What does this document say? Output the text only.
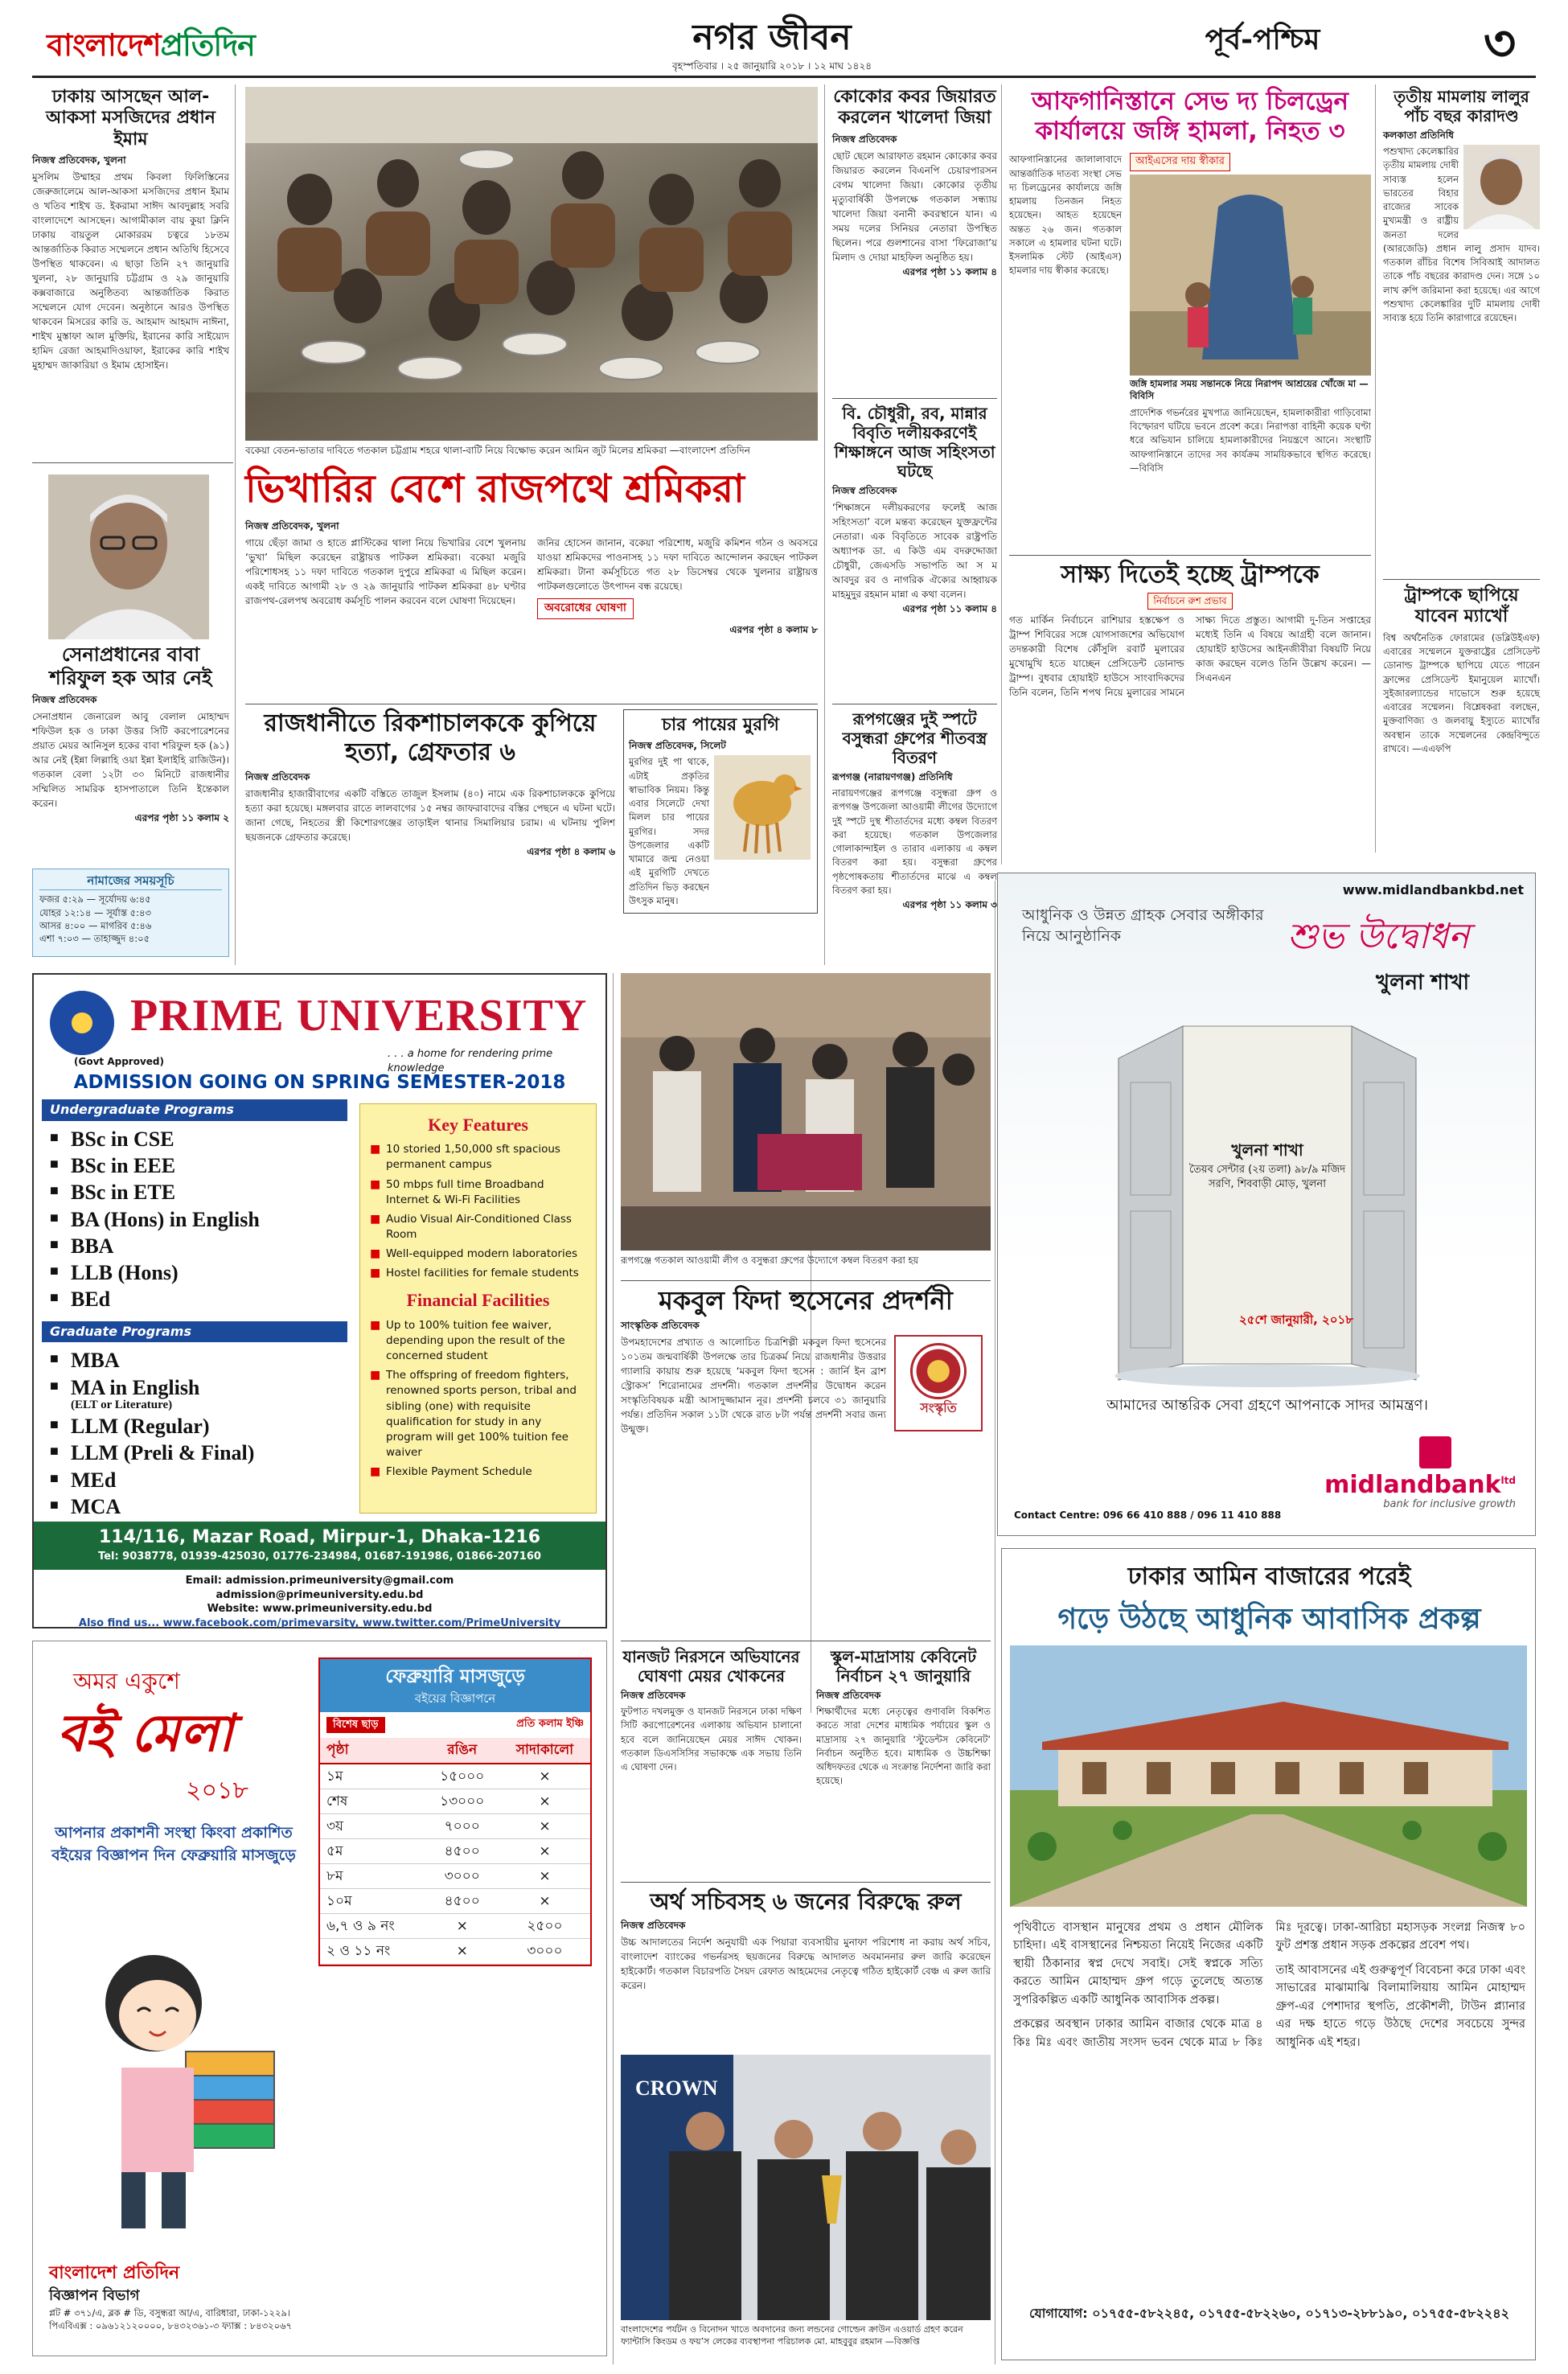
বাংলাদেশপ্রতিদিন	নগর জীবন
বৃহস্পতিবার । ২৫ জানুয়ারি ২০১৮ । ১২ মাঘ ১৪২৪
পূর্ব-পশ্চিম	৩
ঢাকায় আসছেন আল-আকসা মসজিদের প্রধান ইমাম
নিজস্ব প্রতিবেদক, খুলনা
মুসলিম উম্মাহর প্রথম কিবলা ফিলিস্তিনের জেরুজালেমে আল-আকসা মসজিদের প্রধান ইমাম ও খতিব শাইখ ড. ইকরামা সাঈদ আবদুল্লাহ সবরি বাংলাদেশে আসছেন। আগামীকাল বায় কুয়া ক্লিনি ঢাকায় বায়তুল মোকাররম চত্বরে ১৮তম আন্তর্জাতিক কিরাত সম্মেলনে প্রধান অতিথি হিসেবে উপস্থিত থাকবেন। এ ছাড়া তিনি ২৭ জানুয়ারি খুলনা, ২৮ জানুয়ারি চট্টগ্রাম ও ২৯ জানুয়ারি কক্সবাজারে অনুষ্ঠিতব্য আন্তর্জাতিক কিরাত সম্মেলনে যোগ দেবেন। অনুষ্ঠানে আরও উপস্থিত থাকবেন মিসরের কারি ড. আহমাদ আহমাদ নাঈনা, শাইখ মুস্তাফা আল মুক্তিয়ি, ইরানের কারি সাইয়্যেদ হামিদ রেজা আহমাদিওয়াফা, ইরাকের কারি শাইখ মুহাম্মদ জাকারিয়া ও ইমাম হোসাইন।
বকেয়া বেতন-ভাতার দাবিতে গতকাল চট্টগ্রাম শহরে থালা-বাটি নিয়ে বিক্ষোভ করেন আমিন জুট মিলের শ্রমিকরা —বাংলাদেশ প্রতিদিন
ভিখারির বেশে রাজপথে শ্রমিকরা
নিজস্ব প্রতিবেদক, খুলনা
গায়ে ছেঁড়া জামা ও হাতে প্লাস্টিকের থালা নিয়ে ভিখারির বেশে খুলনায় ‘ভুখা’ মিছিল করেছেন রাষ্ট্রায়ত্ত পাটকল শ্রমিকরা। বকেয়া মজুরি পরিশোধসহ ১১ দফা দাবিতে গতকাল দুপুরে শ্রমিকরা এ মিছিল করেন। একই দাবিতে আগামী ২৮ ও ২৯ জানুয়ারি পাটকল শ্রমিকরা ৪৮ ঘণ্টার রাজপথ-রেলপথ অবরোধ কর্মসূচি পালন করবেন বলে ঘোষণা দিয়েছেন।
জনির হোসেন জানান, বকেয়া পরিশোধ, মজুরি কমিশন গঠন ও অবসরে যাওয়া শ্রমিকদের পাওনাসহ ১১ দফা দাবিতে আন্দোলন করছেন পাটকল শ্রমিকরা। টানা কর্মসূচিতে গত ২৮ ডিসেম্বর থেকে খুলনার রাষ্ট্রায়ত্ত পাটকলগুলোতে উৎপাদন বন্ধ রয়েছে।
অবরোধের ঘোষণা
এরপর পৃষ্ঠা ৪ কলাম ৮
সেনাপ্রধানের বাবা শরিফুল হক আর নেই
নিজস্ব প্রতিবেদক
সেনাপ্রধান জেনারেল আবু বেলাল মোহাম্মদ শফিউল হক ও ঢাকা উত্তর সিটি করপোরেশনের প্রয়াত মেয়র আনিসুল হকের বাবা শরিফুল হক (৯১) আর নেই (ইন্না লিল্লাহি ওয়া ইন্না ইলাইহি রাজিউন)। গতকাল বেলা ১২টা ৩০ মিনিটে রাজধানীর সম্মিলিত সামরিক হাসপাতালে তিনি ইন্তেকাল করেন।
এরপর পৃষ্ঠা ১১ কলাম ২
নামাজের সময়সূচি
ফজর ৫:২৯ — সূর্যোদয় ৬:৪৫
যোহর ১২:১৪ — সূর্যাস্ত ৫:৪৩
আসর ৪:০০ — মাগরিব ৫:৪৬
এশা ৭:০৩ — তাহাজ্জুদ ৪:০৫
রাজধানীতে রিকশাচালককে কুপিয়ে হত্যা, গ্রেফতার ৬
নিজস্ব প্রতিবেদক
রাজধানীর হাজারীবাগের একটি বস্তিতে তাজুল ইসলাম (৪০) নামে এক রিকশাচালককে কুপিয়ে হত্যা করা হয়েছে। মঙ্গলবার রাতে লালবাগের ১৫ নম্বর জাফরাবাদের বস্তির পেছনে এ ঘটনা ঘটে। জানা গেছে, নিহতের স্ত্রী কিশোরগঞ্জের তাড়াইল থানার সিমালিয়ার চরাম। এ ঘটনায় পুলিশ ছয়জনকে গ্রেফতার করেছে।
এরপর পৃষ্ঠা ৪ কলাম ৬
চার পায়ের মুরগি
নিজস্ব প্রতিবেদক, সিলেট
মুরগির দুই পা থাকে, এটাই প্রকৃতির স্বাভাবিক নিয়ম। কিন্তু এবার সিলেটে দেখা মিলল চার পায়ের মুরগির। সদর উপজেলার একটি খামারে জন্ম নেওয়া এই মুরগিটি দেখতে প্রতিদিন ভিড় করছেন উৎসুক মানুষ।
কোকোর কবর জিয়ারত করলেন খালেদা জিয়া
নিজস্ব প্রতিবেদক
ছোট ছেলে আরাফাত রহমান কোকোর কবর জিয়ারত করলেন বিএনপি চেয়ারপারসন বেগম খালেদা জিয়া। কোকোর তৃতীয় মৃত্যুবার্ষিকী উপলক্ষে গতকাল সন্ধ্যায় খালেদা জিয়া বনানী কবরস্থানে যান। এ সময় দলের সিনিয়র নেতারা উপস্থিত ছিলেন। পরে গুলশানের বাসা ‘ফিরোজা’য় মিলাদ ও দোয়া মাহফিল অনুষ্ঠিত হয়।
এরপর পৃষ্ঠা ১১ কলাম ৪
বি. চৌধুরী, রব, মান্নার বিবৃতি দলীয়করণেই শিক্ষাঙ্গনে আজ সহিংসতা ঘটছে
নিজস্ব প্রতিবেদক
‘শিক্ষাঙ্গনে দলীয়করণের ফলেই আজ সহিংসতা’ বলে মন্তব্য করেছেন যুক্তফ্রন্টের নেতারা। এক বিবৃতিতে সাবেক রাষ্ট্রপতি অধ্যাপক ডা. এ কিউ এম বদরুদ্দোজা চৌধুরী, জেএসডি সভাপতি আ স ম আবদুর রব ও নাগরিক ঐক্যের আহ্বায়ক মাহমুদুর রহমান মান্না এ কথা বলেন।
এরপর পৃষ্ঠা ১১ কলাম ৪
রূপগঞ্জের দুই স্পটে বসুন্ধরা গ্রুপের শীতবস্ত্র বিতরণ
রূপগঞ্জ (নারায়ণগঞ্জ) প্রতিনিধি
নারায়ণগঞ্জের রূপগঞ্জে বসুন্ধরা গ্রুপ ও রূপগঞ্জ উপজেলা আওয়ামী লীগের উদ্যোগে দুই স্পটে দুস্থ শীতার্তদের মধ্যে কম্বল বিতরণ করা হয়েছে। গতকাল উপজেলার গোলাকান্দাইল ও তারাব এলাকায় এ কম্বল বিতরণ করা হয়। বসুন্ধরা গ্রুপের পৃষ্ঠপোষকতায় শীতার্তদের মাঝে এ কম্বল বিতরণ করা হয়।
এরপর পৃষ্ঠা ১১ কলাম ৩
আফগানিস্তানে সেভ দ্য চিলড্রেন কার্যালয়ে জঙ্গি হামলা, নিহত ৩
আফগানিস্তানের জালালাবাদে আন্তর্জাতিক দাতব্য সংস্থা সেভ দ্য চিলড্রেনের কার্যালয়ে জঙ্গি হামলায় তিনজন নিহত হয়েছেন। আহত হয়েছেন অন্তত ২৬ জন। গতকাল সকালে এ হামলার ঘটনা ঘটে। ইসলামিক স্টেট (আইএস) হামলার দায় স্বীকার করেছে।
আইএসের দায় স্বীকার
জঙ্গি হামলার সময় সন্তানকে নিয়ে নিরাপদ আশ্রয়ের খোঁজে মা —বিবিসি
প্রাদেশিক গভর্নরের মুখপাত্র জানিয়েছেন, হামলাকারীরা গাড়িবোমা বিস্ফোরণ ঘটিয়ে ভবনে প্রবেশ করে। নিরাপত্তা বাহিনী কয়েক ঘণ্টা ধরে অভিযান চালিয়ে হামলাকারীদের নিয়ন্ত্রণে আনে। সংস্থাটি আফগানিস্তানে তাদের সব কার্যক্রম সাময়িকভাবে স্থগিত করেছে। —বিবিসি
সাক্ষ্য দিতেই হচ্ছে ট্রাম্পকে
নির্বাচনে রুশ প্রভাব
গত মার্কিন নির্বাচনে রাশিয়ার হস্তক্ষেপ ও ট্রাম্প শিবিরের সঙ্গে যোগসাজশের অভিযোগ তদন্তকারী বিশেষ কৌঁসুলি রবার্ট মুলারের মুখোমুখি হতে যাচ্ছেন প্রেসিডেন্ট ডোনাল্ড ট্রাম্প। বুধবার হোয়াইট হাউসে সাংবাদিকদের তিনি বলেন, তিনি শপথ নিয়ে মুলারের সামনে সাক্ষ্য দিতে প্রস্তুত। আগামী দু-তিন সপ্তাহের মধ্যেই তিনি এ বিষয়ে আগ্রহী বলে জানান। হোয়াইট হাউসের আইনজীবীরা বিষয়টি নিয়ে কাজ করছেন বলেও তিনি উল্লেখ করেন। —সিএনএন
তৃতীয় মামলায় লালুর পাঁচ বছর কারাদণ্ড
কলকাতা প্রতিনিধি
পশুখাদ্য কেলেঙ্কারির তৃতীয় মামলায় দোষী সাব্যস্ত হলেন ভারতের বিহার রাজ্যের সাবেক মুখ্যমন্ত্রী ও রাষ্ট্রীয় জনতা দলের (আরজেডি) প্রধান লালু প্রসাদ যাদব। গতকাল রাঁচির বিশেষ সিবিআই আদালত তাকে পাঁচ বছরের কারাদণ্ড দেন। সঙ্গে ১০ লাখ রুপি জরিমানা করা হয়েছে। এর আগে পশুখাদ্য কেলেঙ্কারির দুটি মামলায় দোষী সাব্যস্ত হয়ে তিনি কারাগারে রয়েছেন।
ট্রাম্পকে ছাপিয়ে যাবেন ম্যাখোঁ
বিশ্ব অর্থনৈতিক ফোরামের (ডব্লিউইএফ) এবারের সম্মেলনে যুক্তরাষ্ট্রের প্রেসিডেন্ট ডোনাল্ড ট্রাম্পকে ছাপিয়ে যেতে পারেন ফ্রান্সের প্রেসিডেন্ট ইমানুয়েল ম্যাখোঁ। সুইজারল্যান্ডের দাভোসে শুরু হয়েছে এবারের সম্মেলন। বিশ্লেষকরা বলছেন, মুক্তবাণিজ্য ও জলবায়ু ইস্যুতে ম্যাখোঁর অবস্থান তাকে সম্মেলনের কেন্দ্রবিন্দুতে রাখবে। —এএফপি
www.midlandbankbd.net
আধুনিক ও উন্নত গ্রাহক সেবার অঙ্গীকার নিয়ে আনুষ্ঠানিক	শুভ উদ্বোধন
খুলনা শাখা
খুলনা শাখা
তৈয়ব সেন্টার (২য় তলা) ৯৮/৯ মজিদ সরণি, শিববাড়ী মোড়, খুলনা
২৫শে জানুয়ারী, ২০১৮
আমাদের আন্তরিক সেবা গ্রহণে আপনাকে সাদর আমন্ত্রণ।
midlandbank$^{ltd}$
bank for inclusive growth
Contact Centre: 096 66 410 888 / 096 11 410 888
PRIME UNIVERSITY
(Govt Approved)
. . . a home for rendering prime knowledge
ADMISSION GOING ON SPRING SEMESTER-2018
Undergraduate Programs
■ BSc in CSE
■ BSc in EEE
■ BSc in ETE
■ BA (Hons) in English
■ BBA
■ LLB (Hons)
■ BEd
Graduate Programs
■ MBA
■ MA in English
(ELT or Literature)
■ LLM (Regular)
■ LLM (Preli & Final)
■ MEd
■ MCA
Key Features
■ 10 storied 1,50,000 sft spacious permanent campus
■ 50 mbps full time Broadband Internet & Wi-Fi Facilities
■ Audio Visual Air-Conditioned Class Room
■ Well-equipped modern laboratories
■ Hostel facilities for female students
Financial Facilities
■ Up to 100% tuition fee waiver, depending upon the result of the concerned student
■ The offspring of freedom fighters, renowned sports person, tribal and sibling (one) with requisite qualification for study in any program will get 100% tuition fee waiver
■ Flexible Payment Schedule
114/116, Mazar Road, Mirpur-1, Dhaka-1216
Tel: 9038778, 01939-425030, 01776-234984, 01687-191986, 01866-207160
Email: admission.primeuniversity@gmail.com
admission@primeuniversity.edu.bd
Website: www.primeuniversity.edu.bd
Also find us... www.facebook.com/primevarsity, www.twitter.com/PrimeUniversity
রূপগঞ্জে গতকাল আওয়ামী লীগ ও বসুন্ধরা গ্রুপের উদ্যোগে কম্বল বিতরণ করা হয়
মকবুল ফিদা হুসেনের প্রদর্শনী
সাংস্কৃতিক প্রতিবেদক
উপমহাদেশের প্রখ্যাত ও আলোচিত চিত্রশিল্পী মকবুল ফিদা হুসেনের ১০১তম জন্মবার্ষিকী উপলক্ষে তার চিত্রকর্ম নিয়ে রাজধানীর উত্তরার গ্যালারি কায়ায় শুরু হয়েছে ‘মকবুল ফিদা হুসেন : জার্নি ইন ব্রাশ স্ট্রোকস’ শিরোনামের প্রদর্শনী। গতকাল প্রদর্শনীর উদ্বোধন করেন সংস্কৃতিবিষয়ক মন্ত্রী আসাদুজ্জামান নূর। প্রদর্শনী চলবে ৩১ জানুয়ারি পর্যন্ত। প্রতিদিন সকাল ১১টা থেকে রাত ৮টা পর্যন্ত প্রদর্শনী সবার জন্য উন্মুক্ত।
সংস্কৃতি
যানজট নিরসনে অভিযানের ঘোষণা মেয়র খোকনের
নিজস্ব প্রতিবেদক
ফুটপাত দখলমুক্ত ও যানজট নিরসনে ঢাকা দক্ষিণ সিটি করপোরেশনের এলাকায় অভিযান চালানো হবে বলে জানিয়েছেন মেয়র সাঈদ খোকন। গতকাল ডিএসসিসির সভাকক্ষে এক সভায় তিনি এ ঘোষণা দেন।
স্কুল-মাদ্রাসায় কেবিনেট নির্বাচন ২৭ জানুয়ারি
নিজস্ব প্রতিবেদক
শিক্ষার্থীদের মধ্যে নেতৃত্বের গুণাবলি বিকশিত করতে সারা দেশের মাধ্যমিক পর্যায়ের স্কুল ও মাদ্রাসায় ২৭ জানুয়ারি ‘স্টুডেন্টস কেবিনেট’ নির্বাচন অনুষ্ঠিত হবে। মাধ্যমিক ও উচ্চশিক্ষা অধিদফতর থেকে এ সংক্রান্ত নির্দেশনা জারি করা হয়েছে।
অর্থ সচিবসহ ৬ জনের বিরুদ্ধে রুল
নিজস্ব প্রতিবেদক
উচ্চ আদালতের নির্দেশ অনুযায়ী এক পিয়ারা ব্যবসায়ীর মুনাফা পরিশোধ না করায় অর্থ সচিব, বাংলাদেশ ব্যাংকের গভর্নরসহ ছয়জনের বিরুদ্ধে আদালত অবমাননার রুল জারি করেছেন হাইকোর্ট। গতকাল বিচারপতি সৈয়দ রেফাত আহমেদের নেতৃত্বে গঠিত হাইকোর্ট বেঞ্চ এ রুল জারি করেন।
CROWN
বাংলাদেশের পর্যটন ও বিনোদন খাতে অবদানের জন্য লন্ডনের গোল্ডেন ক্রাউন এওয়ার্ড গ্রহণ করেন ফ্যান্টাসি কিংডম ও ফয়’স লেকের ব্যবস্থাপনা পরিচালক মো. মাহবুবুর রহমান —বিজ্ঞপ্তি
অমর একুশে
বই মেলা
২০১৮
আপনার প্রকাশনী সংস্থা কিংবা প্রকাশিত বইয়ের বিজ্ঞাপন দিন ফেব্রুয়ারি মাসজুড়ে
ফেব্রুয়ারি মাসজুড়ে
বইয়ের বিজ্ঞাপনে
বিশেষ ছাড়	প্রতি কলাম ইঞ্চি
পৃষ্ঠা	রঙিন	সাদাকালো
১ম	১৫০০০	×
শেষ	১৩০০০	×
৩য়	৭০০০	×
৫ম	৪৫০০	×
৮ম	৩০০০	×
১০ম	৪৫০০	×
৬,৭ ও ৯ নং	×	২৫০০
২ ও ১১ নং	×	৩০০০
বাংলাদেশ প্রতিদিন
বিজ্ঞাপন বিভাগ
প্লট # ৩৭১/এ, ব্লক # ডি, বসুন্ধরা আ/এ, বারিধারা, ঢাকা-১২২৯।
পিএবিএক্স : ০৯৬১২১২০০০০, ৮৪৩২৩৬১-৩ ফ্যাক্স : ৮৪৩২০৬৭
ঢাকার আমিন বাজারের পরেই
গড়ে উঠছে আধুনিক আবাসিক প্রকল্প

পৃথিবীতে বাসস্থান মানুষের প্রথম ও প্রধান মৌলিক চাহিদা। এই বাসস্থানের নিশ্চয়তা নিয়েই নিজের একটি স্থায়ী ঠিকানার স্বপ্ন দেখে সবাই। সেই স্বপ্নকে সত্যি করতে আমিন মোহাম্মদ গ্রুপ গড়ে তুলেছে অত্যন্ত সুপরিকল্পিত একটি আধুনিক আবাসিক প্রকল্প।

প্রকল্পের অবস্থান ঢাকার আমিন বাজার থেকে মাত্র ৪ কিঃ মিঃ এবং জাতীয় সংসদ ভবন থেকে মাত্র ৮ কিঃ মিঃ দূরত্বে। ঢাকা-আরিচা মহাসড়ক সংলগ্ন নিজস্ব ৮০ ফুট প্রশস্ত প্রধান সড়ক প্রকল্পের প্রবেশ পথ।

তাই আবাসনের এই গুরুত্বপূর্ণ বিবেচনা করে ঢাকা এবং সাভারের মাঝামাঝি বিলামালিয়ায় আমিন মোহাম্মদ গ্রুপ-এর পেশাদার স্থপতি, প্রকৌশলী, টাউন প্ল্যানার এর দক্ষ হাতে গড়ে উঠছে দেশের সবচেয়ে সুন্দর আধুনিক এই শহর।

যোগাযোগ: ০১৭৫৫-৫৮২২৪৫, ০১৭৫৫-৫৮২২৬০, ০১৭১৩-২৮৮১৯০, ০১৭৫৫-৫৮২২৪২
